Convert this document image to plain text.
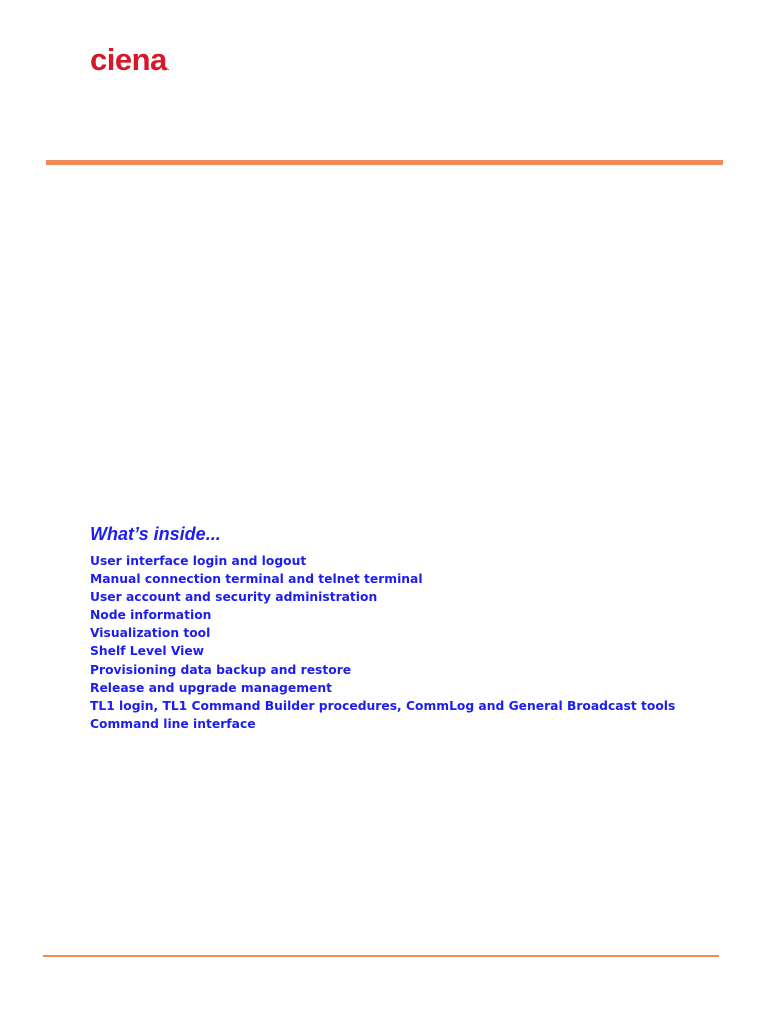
ciena.
What’s inside...
User interface login and logout
Manual connection terminal and telnet terminal
User account and security administration
Node information
Visualization tool
Shelf Level View
Provisioning data backup and restore
Release and upgrade management
TL1 login, TL1 Command Builder procedures, CommLog and General Broadcast tools
Command line interface
